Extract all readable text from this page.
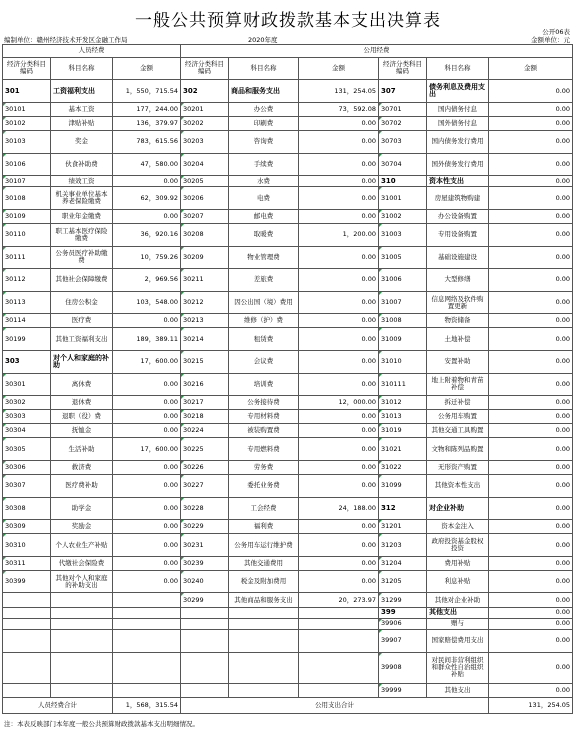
一般公共预算财政拨款基本支出决算表
公开06表
编制单位：赣州经济技术开发区金融工作局	2020年度	金额单位：元
人员经费			公用经费					
经济分类科目编码	科目名称	金额	经济分类科目编码	科目名称	金额	经济分类科目编码	科目名称	金额
301	工资福利支出	1，550，715.54	302	商品和服务支出	131，254.05	307	债务利息及费用支出	0.00
30101	基本工资	177，244.00	30201	办公费	73，592.08	30701	国内债务付息	0.00
30102	津贴补贴	136，379.97	30202	印刷费	0.00	30702	国外债务付息	0.00
30103	奖金	783，615.56	30203	咨询费	0.00	30703	国内债务发行费用	0.00
30106	伙食补助费	47，580.00	30204	手续费	0.00	30704	国外债务发行费用	0.00
30107	绩效工资	0.00	30205	水费	0.00	310	资本性支出	0.00
30108	机关事业单位基本养老保险缴费	62，309.92	30206	电费	0.00	31001	房屋建筑物购建	0.00
30109	职业年金缴费	0.00	30207	邮电费	0.00	31002	办公设备购置	0.00
30110	职工基本医疗保险缴费	36，920.16	30208	取暖费	1，200.00	31003	专用设备购置	0.00
30111	公务员医疗补助缴费	10，759.26	30209	物业管理费	0.00	31005	基础设施建设	0.00
30112	其他社会保障缴费	2，969.56	30211	差旅费	0.00	31006	大型修缮	0.00
30113	住房公积金	103，548.00	30212	因公出国（境）费用	0.00	31007	信息网络及软件购置更新	0.00
30114	医疗费	0.00	30213	维修（护）费	0.00	31008	物资储备	0.00
30199	其他工资福利支出	189，389.11	30214	租赁费	0.00	31009	土地补偿	0.00
303	对个人和家庭的补助	17，600.00	30215	会议费	0.00	31010	安置补助	0.00
30301	离休费	0.00	30216	培训费	0.00	310111	地上附着物和青苗补偿	0.00
30302	退休费	0.00	30217	公务接待费	12，000.00	31012	拆迁补偿	0.00
30303	退职（役）费	0.00	30218	专用材料费	0.00	31013	公务用车购置	0.00
30304	抚恤金	0.00	30224	被装购置费	0.00	31019	其他交通工具购置	0.00
30305	生活补助	17，600.00	30225	专用燃料费	0.00	31021	文物和陈列品购置	0.00
30306	救济费	0.00	30226	劳务费	0.00	31022	无形资产购置	0.00
30307	医疗费补助	0.00	30227	委托业务费	0.00	31099	其他资本性支出	0.00
30308	助学金	0.00	30228	工会经费	24，188.00	312	对企业补助	0.00
30309	奖励金	0.00	30229	福利费	0.00	31201	资本金注入	0.00
30310	个人农业生产补贴	0.00	30231	公务用车运行维护费	0.00	31203	政府投资基金股权投资	0.00
30311	代缴社会保险费	0.00	30239	其他交通费用	0.00	31204	费用补贴	0.00
30399	其他对个人和家庭的补助支出	0.00	30240	税金及附加费用	0.00	31205	利息补贴	0.00
			30299	其他商品和服务支出	20，273.97	31299	其他对企业补助	0.00
						399	其他支出	0.00
						39906	赠与	0.00
						39907	国家赔偿费用支出	0.00
						39908	对民间非营利组织和群众性自治组织补贴	0.00
						39999	其他支出	0.00
人员经费合计		1，568，315.54	公用支出合计					131，254.05
注：本表反映部门本年度一般公共预算财政拨款基本支出明细情况。
